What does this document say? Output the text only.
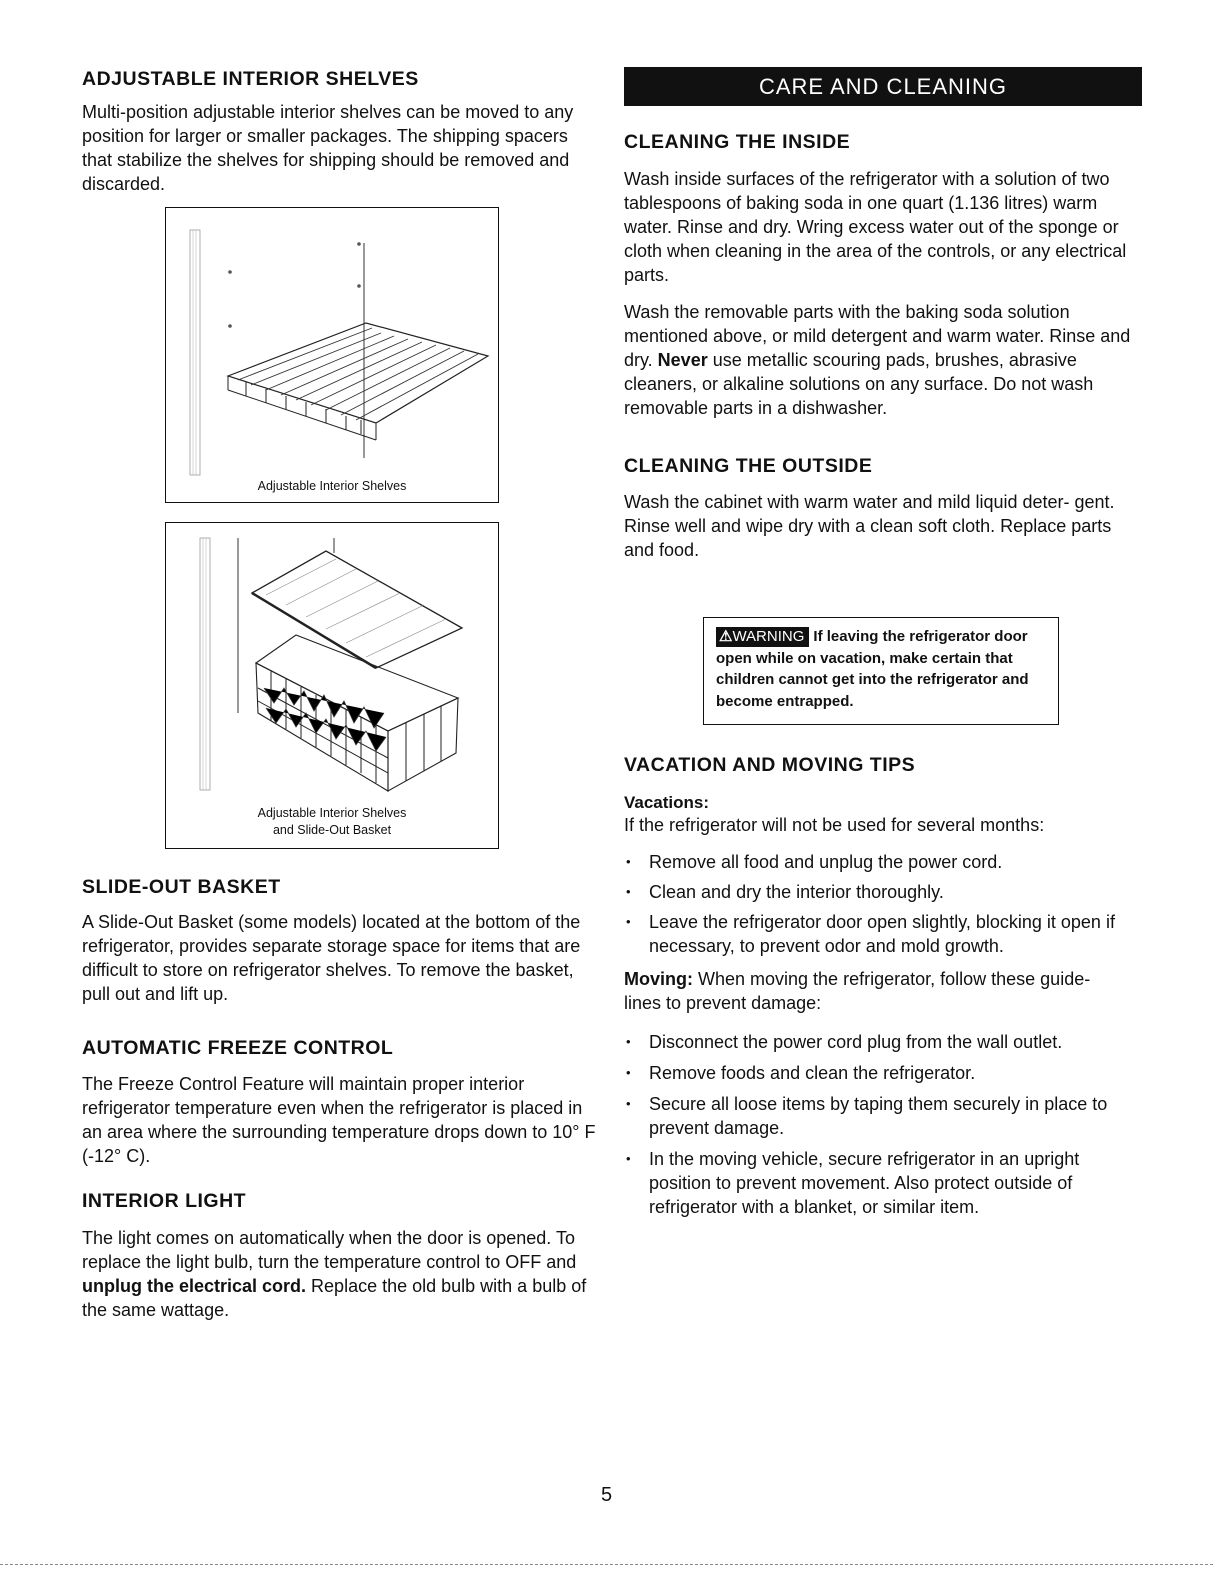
ADJUSTABLE INTERIOR SHELVES

Multi-position adjustable interior shelves can be moved to any position for larger or smaller packages. The shipping spacers that stabilize the shelves for shipping should be removed and discarded.

Adjustable Interior Shelves
Adjustable Interior Shelves
and Slide-Out Basket
SLIDE-OUT BASKET

A Slide-Out Basket (some models) located at the bottom of the refrigerator, provides separate storage space for items that are difficult to store on refrigerator shelves. To remove the basket, pull out and lift up.

AUTOMATIC FREEZE CONTROL

The Freeze Control Feature will maintain proper interior refrigerator temperature even when the refrigerator is placed in an area where the surrounding temperature drops down to 10° F (-12° C).

INTERIOR LIGHT

The light comes on automatically when the door is opened. To replace the light bulb, turn the temperature control to OFF and unplug the electrical cord. Replace the old bulb with a bulb of the same wattage.

CARE AND CLEANING
CLEANING THE INSIDE

Wash inside surfaces of the refrigerator with a solution of two tablespoons of baking soda in one quart (1.136 litres) warm water. Rinse and dry. Wring excess water out of the sponge or cloth when cleaning in the area of the controls, or any electrical parts.

Wash the removable parts with the baking soda solution mentioned above, or mild detergent and warm water. Rinse and dry. Never use metallic scouring pads, brushes, abrasive cleaners, or alkaline solutions on any surface. Do not wash removable parts in a dishwasher.

CLEANING THE OUTSIDE

Wash the cabinet with warm water and mild liquid deter- gent. Rinse well and wipe dry with a clean soft cloth. Replace parts and food.

⚠WARNING If leaving the refrigerator door open while on vacation, make certain that children cannot get into the refrigerator and become entrapped.
VACATION AND MOVING TIPS

Vacations:

If the refrigerator will not be used for several months:

• Remove all food and unplug the power cord.
• Clean and dry the interior thoroughly.
• Leave the refrigerator door open slightly, blocking it open if necessary, to prevent odor and mold growth.

Moving: When moving the refrigerator, follow these guide- lines to prevent damage:

• Disconnect the power cord plug from the wall outlet.
• Remove foods and clean the refrigerator.
• Secure all loose items by taping them securely in place to prevent damage.
• In the moving vehicle, secure refrigerator in an upright position to prevent movement. Also protect outside of refrigerator with a blanket, or similar item.
5
